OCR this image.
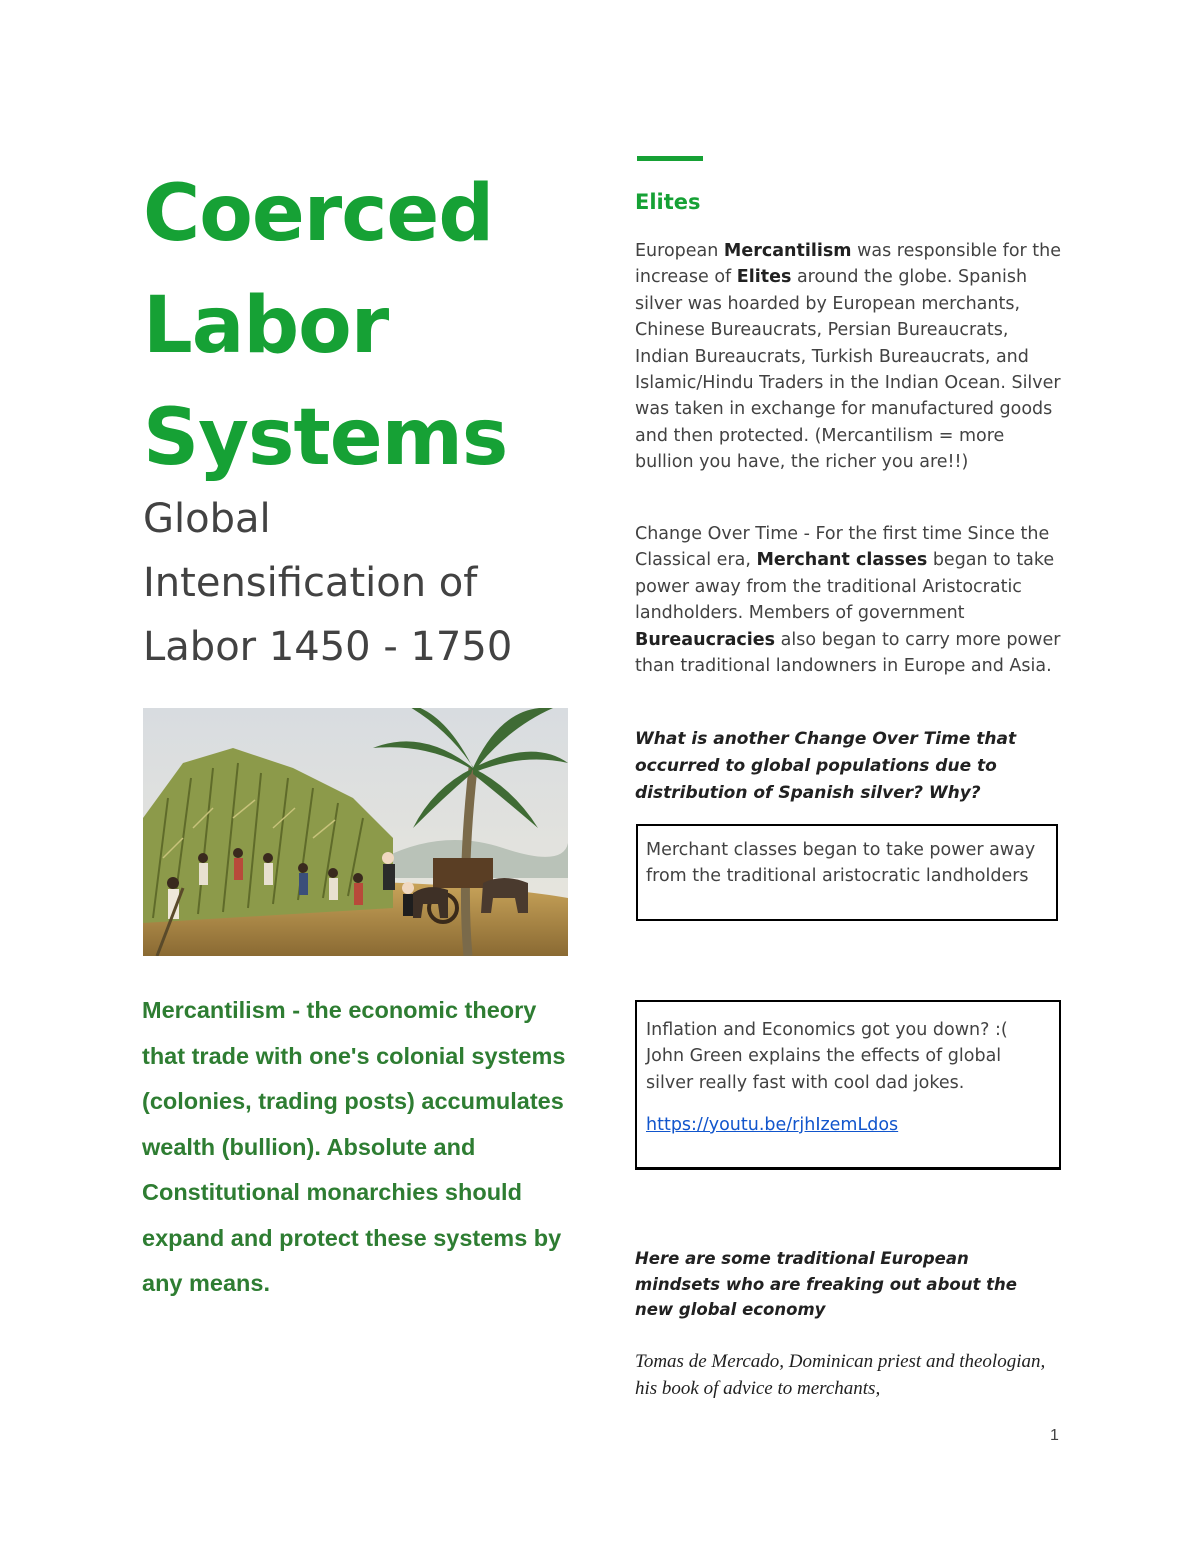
Coerced
Labor
Systems
Global
Intensification of
Labor 1450 - 1750
Mercantilism - the economic theory that trade with one's colonial systems (colonies, trading posts) accumulates wealth (bullion). Absolute and Constitutional monarchies should expand and protect these systems by any means.
Elites
European Mercantilism was responsible for the increase of Elites around the globe. Spanish silver was hoarded by European merchants, Chinese Bureaucrats, Persian Bureaucrats, Indian Bureaucrats, Turkish Bureaucrats, and Islamic/Hindu Traders in the Indian Ocean. Silver was taken in exchange for manufactured goods and then protected. (Mercantilism = more bullion you have, the richer you are!!)
Change Over Time - For the first time Since the Classical era, Merchant classes began to take power away from the traditional Aristocratic landholders. Members of government Bureaucracies also began to carry more power than traditional landowners in Europe and Asia.
What is another Change Over Time that occurred to global populations due to distribution of Spanish silver? Why?
Merchant classes began to take power away from the traditional aristocratic landholders
Inflation and Economics got you down? :( John Green explains the effects of global silver really fast with cool dad jokes.
https://youtu.be/rjhIzemLdos
Here are some traditional European mindsets who are freaking out about the new global economy
Tomas de Mercado, Dominican priest and theologian, his book of advice to merchants,
1
